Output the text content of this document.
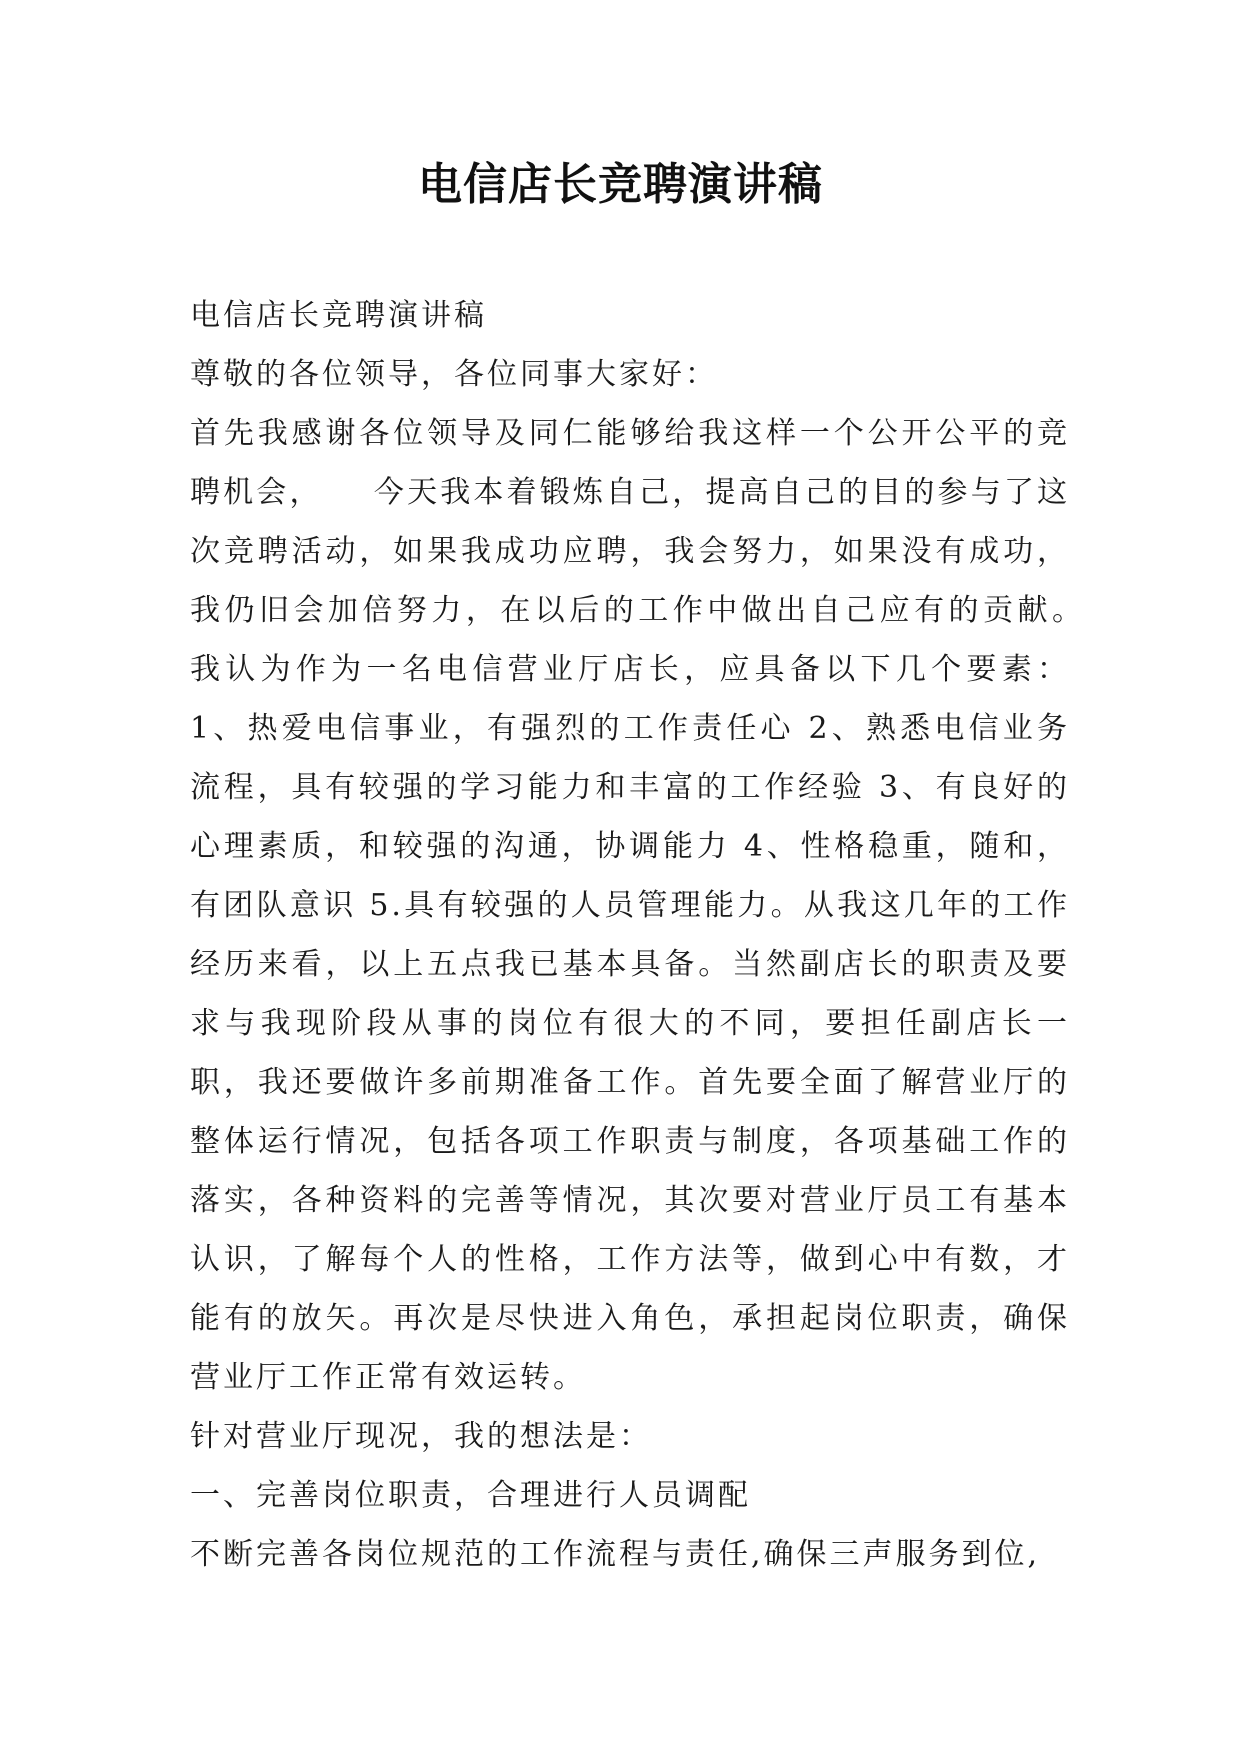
电信店长竞聘演讲稿

电信店长竞聘演讲稿

尊敬的各位领导，各位同事大家好：

首先我感谢各位领导及同仁能够给我这样一个公开公平的竞聘机会，　　今天我本着锻炼自己，提高自己的目的参与了这次竞聘活动，如果我成功应聘，我会努力，如果没有成功，我仍旧会加倍努力，在以后的工作中做出自己应有的贡献。　　我认为作为一名电信营业厅店长，应具备以下几个要素：1、热爱电信事业，有强烈的工作责任心 2、熟悉电信业务流程，具有较强的学习能力和丰富的工作经验 3、有良好的心理素质，和较强的沟通，协调能力 4、性格稳重，随和，有团队意识 5.具有较强的人员管理能力。从我这几年的工作经历来看，以上五点我已基本具备。当然副店长的职责及要求与我现阶段从事的岗位有很大的不同，要担任副店长一职，我还要做许多前期准备工作。首先要全面了解营业厅的整体运行情况，包括各项工作职责与制度，各项基础工作的落实，各种资料的完善等情况，其次要对营业厅员工有基本认识，了解每个人的性格，工作方法等，做到心中有数，才能有的放矢。再次是尽快进入角色，承担起岗位职责，确保营业厅工作正常有效运转。

针对营业厅现况，我的想法是：

一、完善岗位职责，合理进行人员调配

不断完善各岗位规范的工作流程与责任,确保三声服务到位,
